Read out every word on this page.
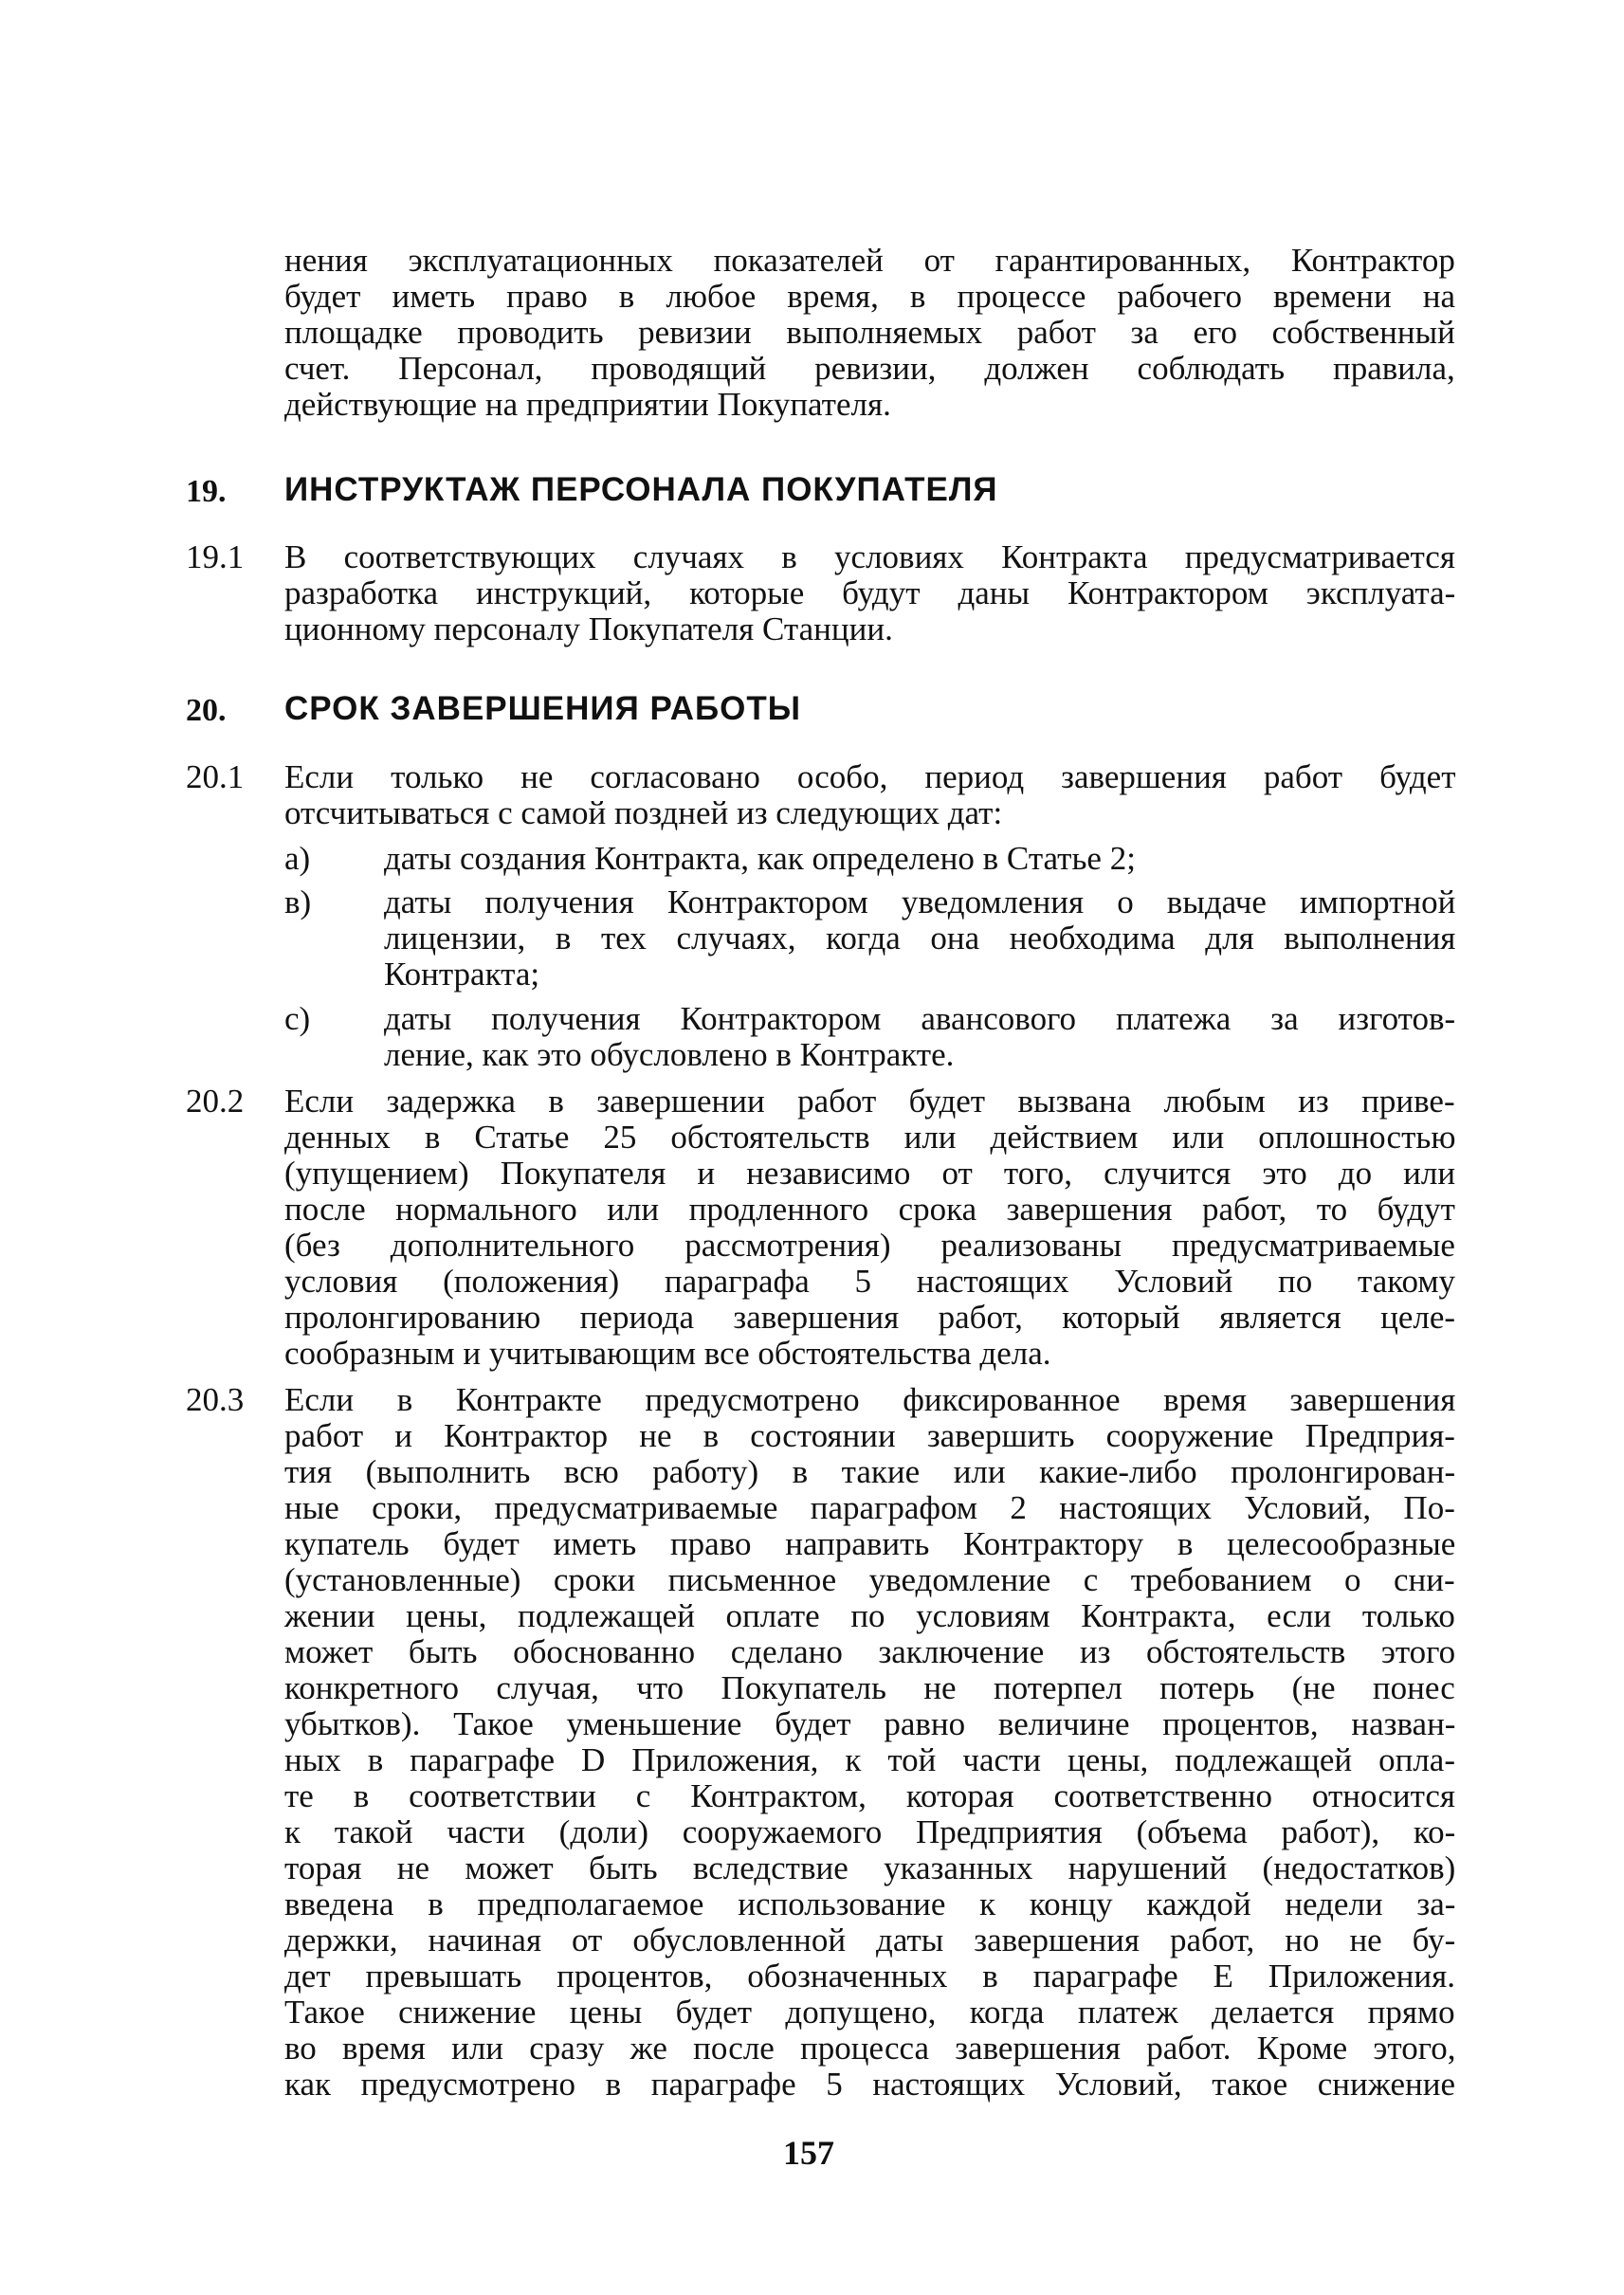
нения эксплуатационных показателей от гарантированных, Контрактор
будет иметь право в любое время, в процессе рабочего времени на
площадке проводить ревизии выполняемых работ за его собственный
счет. Персонал, проводящий ревизии, должен соблюдать правила,
действующие на предприятии Покупателя.
19. ИНСТРУКТАЖ ПЕРСОНАЛА ПОКУПАТЕЛЯ
19.1 В соответствующих случаях в условиях Контракта предусматривается
разработка инструкций, которые будут даны Контрактором эксплуата-
ционному персоналу Покупателя Станции.
20. СРОК ЗАВЕРШЕНИЯ РАБОТЫ
20.1 Если только не согласовано особо, период завершения работ будет
отсчитываться с самой поздней из следующих дат:
а) даты создания Контракта, как определено в Статье 2;
в) даты получения Контрактором уведомления о выдаче импортной
лицензии, в тех случаях, когда она необходима для выполнения
Контракта;
с) даты получения Контрактором авансового платежа за изготов-
ление, как это обусловлено в Контракте.
20.2 Если задержка в завершении работ будет вызвана любым из приве-
денных в Статье 25 обстоятельств или действием или оплошностью
(упущением) Покупателя и независимо от того, случится это до или
после нормального или продленного срока завершения работ, то будут
(без дополнительного рассмотрения) реализованы предусматриваемые
условия (положения) параграфа 5 настоящих Условий по такому
пролонгированию периода завершения работ, который является целе-
сообразным и учитывающим все обстоятельства дела.
20.3 Если в Контракте предусмотрено фиксированное время завершения
работ и Контрактор не в состоянии завершить сооружение Предприя-
тия (выполнить всю работу) в такие или какие-либо пролонгирован-
ные сроки, предусматриваемые параграфом 2 настоящих Условий, По-
купатель будет иметь право направить Контрактору в целесообразные
(установленные) сроки письменное уведомление с требованием о сни-
жении цены, подлежащей оплате по условиям Контракта, если только
может быть обоснованно сделано заключение из обстоятельств этого
конкретного случая, что Покупатель не потерпел потерь (не понес
убытков). Такое уменьшение будет равно величине процентов, назван-
ных в параграфе D Приложения, к той части цены, подлежащей опла-
те в соответствии с Контрактом, которая соответственно относится
к такой части (доли) сооружаемого Предприятия (объема работ), ко-
торая не может быть вследствие указанных нарушений (недостатков)
введена в предполагаемое использование к концу каждой недели за-
держки, начиная от обусловленной даты завершения работ, но не бу-
дет превышать процентов, обозначенных в параграфе Е Приложения.
Такое снижение цены будет допущено, когда платеж делается прямо
во время или сразу же после процесса завершения работ. Кроме этого,
как предусмотрено в параграфе 5 настоящих Условий, такое снижение
157
